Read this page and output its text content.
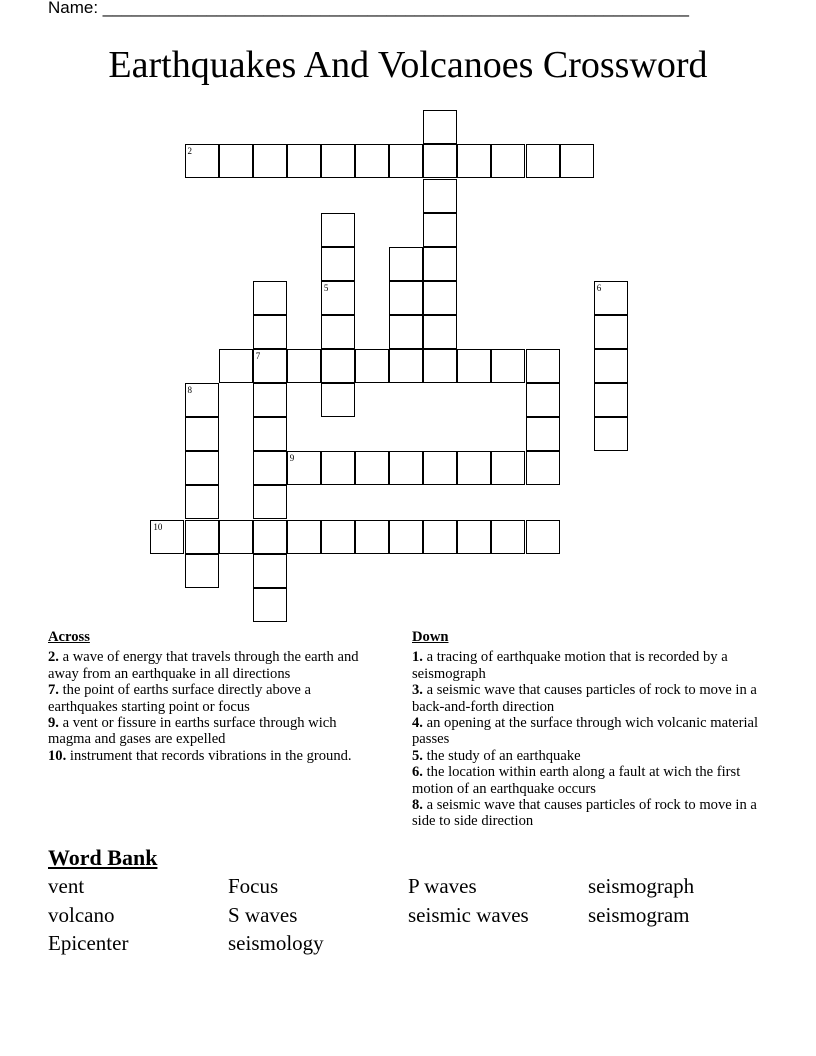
Name: ______________________________________________________________
Earthquakes And Volcanoes Crossword
2
5	6
7
8
9
10
Across
2. a wave of energy that travels through the earth and away from an earthquake in all directions
7. the point of earths surface directly above a earthquakes starting point or focus
9. a vent or fissure in earths surface through wich magma and gases are expelled
10. instrument that records vibrations in the ground.
Down
1. a tracing of earthquake motion that is recorded by a seismograph
3. a seismic wave that causes particles of rock to move in a back-and-forth direction
4. an opening at the surface through wich volcanic material passes
5. the study of an earthquake
6. the location within earth along a fault at wich the first motion of an earthquake occurs
8. a seismic wave that causes particles of rock to move in a side to side direction
Word Bank
vent	Focus	P waves	seismograph
volcano	S waves	seismic waves	seismogram
Epicenter	seismology
